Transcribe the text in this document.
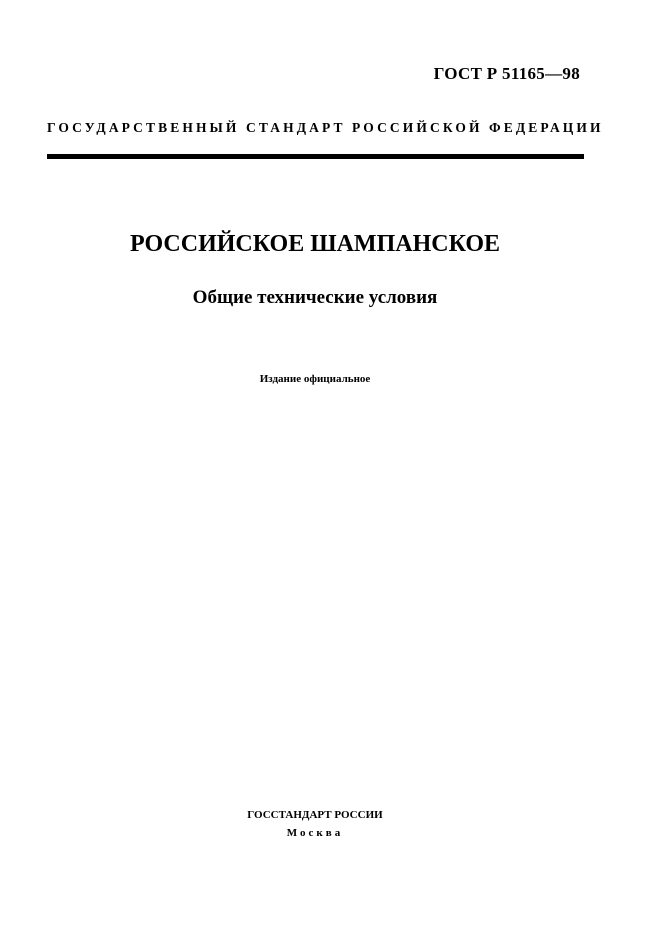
ГОСТ Р 51165—98
ГОСУДАРСТВЕННЫЙ СТАНДАРТ РОССИЙСКОЙ ФЕДЕРАЦИИ
РОССИЙСКОЕ ШАМПАНСКОЕ
Общие технические условия
Издание официальное
ГОССТАНДАРТ РОССИИ
Москва
